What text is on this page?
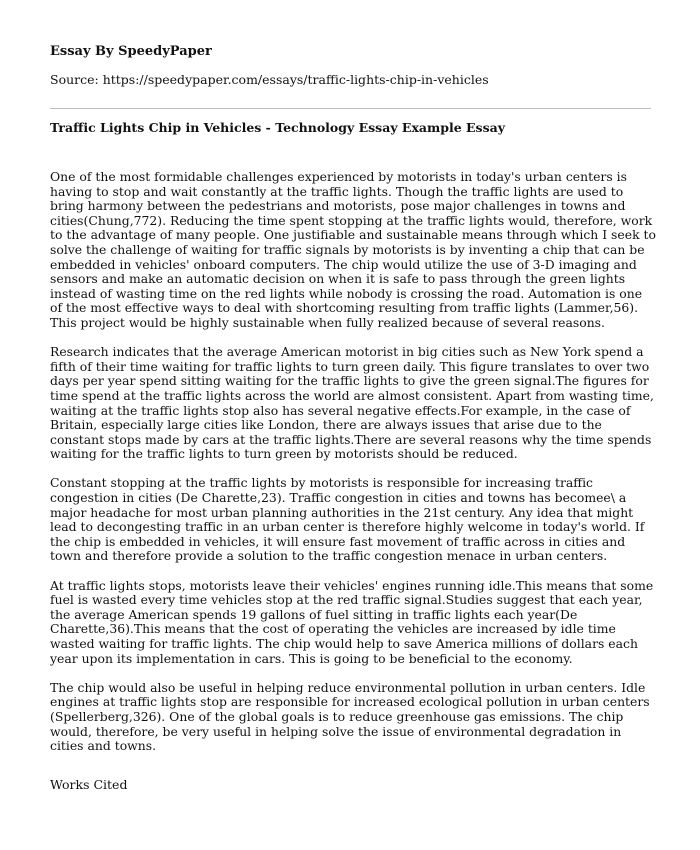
Essay By SpeedyPaper
Source: https://speedypaper.com/essays/traffic-lights-chip-in-vehicles
Traffic Lights Chip in Vehicles - Technology Essay Example Essay

One of the most formidable challenges experienced by motorists in today's urban centers is having to stop and wait constantly at the traffic lights. Though the traffic lights are used to bring harmony between the pedestrians and motorists, pose major challenges in towns and cities(Chung,772). Reducing the time spent stopping at the traffic lights would, therefore, work to the advantage of many people. One justifiable and sustainable means through which I seek to solve the challenge of waiting for traffic signals by motorists is by inventing a chip that can be embedded in vehicles' onboard computers. The chip would utilize the use of 3-D imaging and sensors and make an automatic decision on when it is safe to pass through the green lights instead of wasting time on the red lights while nobody is crossing the road. Automation is one of the most effective ways to deal with shortcoming resulting from traffic lights (Lammer,56). This project would be highly sustainable when fully realized because of several reasons.

Research indicates that the average American motorist in big cities such as New York spend a fifth of their time waiting for traffic lights to turn green daily. This figure translates to over two days per year spend sitting waiting for the traffic lights to give the green signal.The figures for time spend at the traffic lights across the world are almost consistent. Apart from wasting time, waiting at the traffic lights stop also has several negative effects.For example, in the case of Britain, especially large cities like London, there are always issues that arise due to the constant stops made by cars at the traffic lights.There are several reasons why the time spends waiting for the traffic lights to turn green by motorists should be reduced.

Constant stopping at the traffic lights by motorists is responsible for increasing traffic congestion in cities (De Charette,23). Traffic congestion in cities and towns has becomee\ a major headache for most urban planning authorities in the 21st century. Any idea that might lead to decongesting traffic in an urban center is therefore highly welcome in today's world. If the chip is embedded in vehicles, it will ensure fast movement of traffic across in cities and town and therefore provide a solution to the traffic congestion menace in urban centers.

At traffic lights stops, motorists leave their vehicles' engines running idle.This means that some fuel is wasted every time vehicles stop at the red traffic signal.Studies suggest that each year, the average American spends 19 gallons of fuel sitting in traffic lights each year(De Charette,36).This means that the cost of operating the vehicles are increased by idle time wasted waiting for traffic lights. The chip would help to save America millions of dollars each year upon its implementation in cars. This is going to be beneficial to the economy.

The chip would also be useful in helping reduce environmental pollution in urban centers. Idle engines at traffic lights stop are responsible for increased ecological pollution in urban centers (Spellerberg,326). One of the global goals is to reduce greenhouse gas emissions. The chip would, therefore, be very useful in helping solve the issue of environmental degradation in cities and towns.

Works Cited
